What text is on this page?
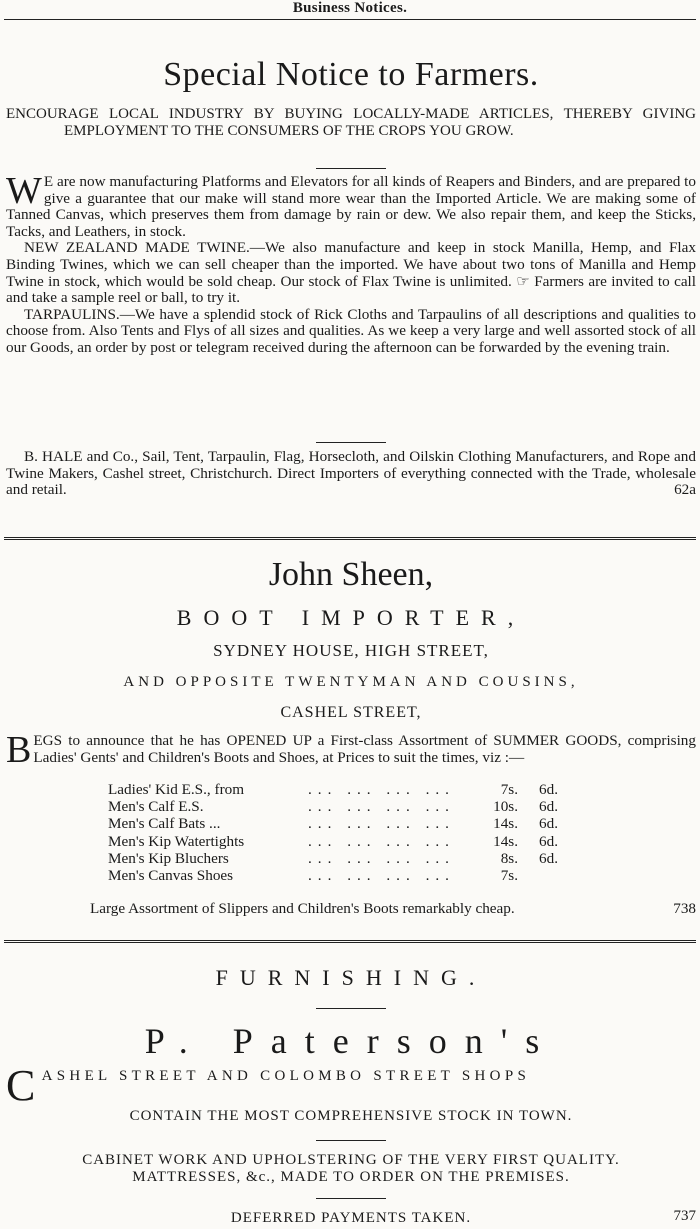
Business Notices.
Special Notice to Farmers.
ENCOURAGE LOCAL INDUSTRY BY BUYING LOCALLY-MADE ARTICLES, THEREBY GIVING EMPLOYMENT TO THE CONSUMERS OF THE CROPS YOU GROW.
W E are now manufacturing Platforms and Elevators for all kinds of Reapers and Binders, and are prepared to give a guarantee that our make will stand more wear than the Imported Article. We are making some of Tanned Canvas, which preserves them from damage by rain or dew. We also repair them, and keep the Sticks, Tacks, and Leathers, in stock.
NEW ZEALAND MADE TWINE.—We also manufacture and keep in stock Manilla, Hemp, and Flax Binding Twines, which we can sell cheaper than the imported. We have about two tons of Manilla and Hemp Twine in stock, which would be sold cheap. Our stock of Flax Twine is unlimited. ☞ Farmers are invited to call and take a sample reel or ball, to try it.
TARPAULINS.—We have a splendid stock of Rick Cloths and Tarpaulins of all descriptions and qualities to choose from. Also Tents and Flys of all sizes and qualities. As we keep a very large and well assorted stock of all our Goods, an order by post or telegram received during the afternoon can be forwarded by the evening train.
B. HALE and Co., Sail, Tent, Tarpaulin, Flag, Horsecloth, and Oilskin Clothing Manufacturers, and Rope and Twine Makers, Cashel street, Christchurch. Direct Importers of everything connected with the Trade, wholesale and retail.	62a
John Sheen,
BOOT IMPORTER,
SYDNEY HOUSE, HIGH STREET,
AND OPPOSITE TWENTYMAN AND COUSINS,
CASHEL STREET,
BEGS to announce that he has OPENED UP a First-class Assortment of SUMMER GOODS, comprising Ladies' Gents' and Children's Boots and Shoes, at Prices to suit the times, viz :—
Ladies' Kid E.S., from	... ... ... ...	7s.	6d.
Men's Calf E.S.	... ... ... ...	10s.	6d.
Men's Calf Bats ...	... ... ... ...	14s.	6d.
Men's Kip Watertights	... ... ... ...	14s.	6d.
Men's Kip Bluchers	... ... ... ...	8s.	6d.
Men's Canvas Shoes	... ... ... ...	7s.
Large Assortment of Slippers and Children's Boots remarkably cheap.	738
FURNISHING.
P. Paterson's
CASHEL STREET AND COLOMBO STREET SHOPS
CONTAIN THE MOST COMPREHENSIVE STOCK IN TOWN.
CABINET WORK AND UPHOLSTERING OF THE VERY FIRST QUALITY.
MATTRESSES, &c., MADE TO ORDER ON THE PREMISES.
DEFERRED PAYMENTS TAKEN.	737
